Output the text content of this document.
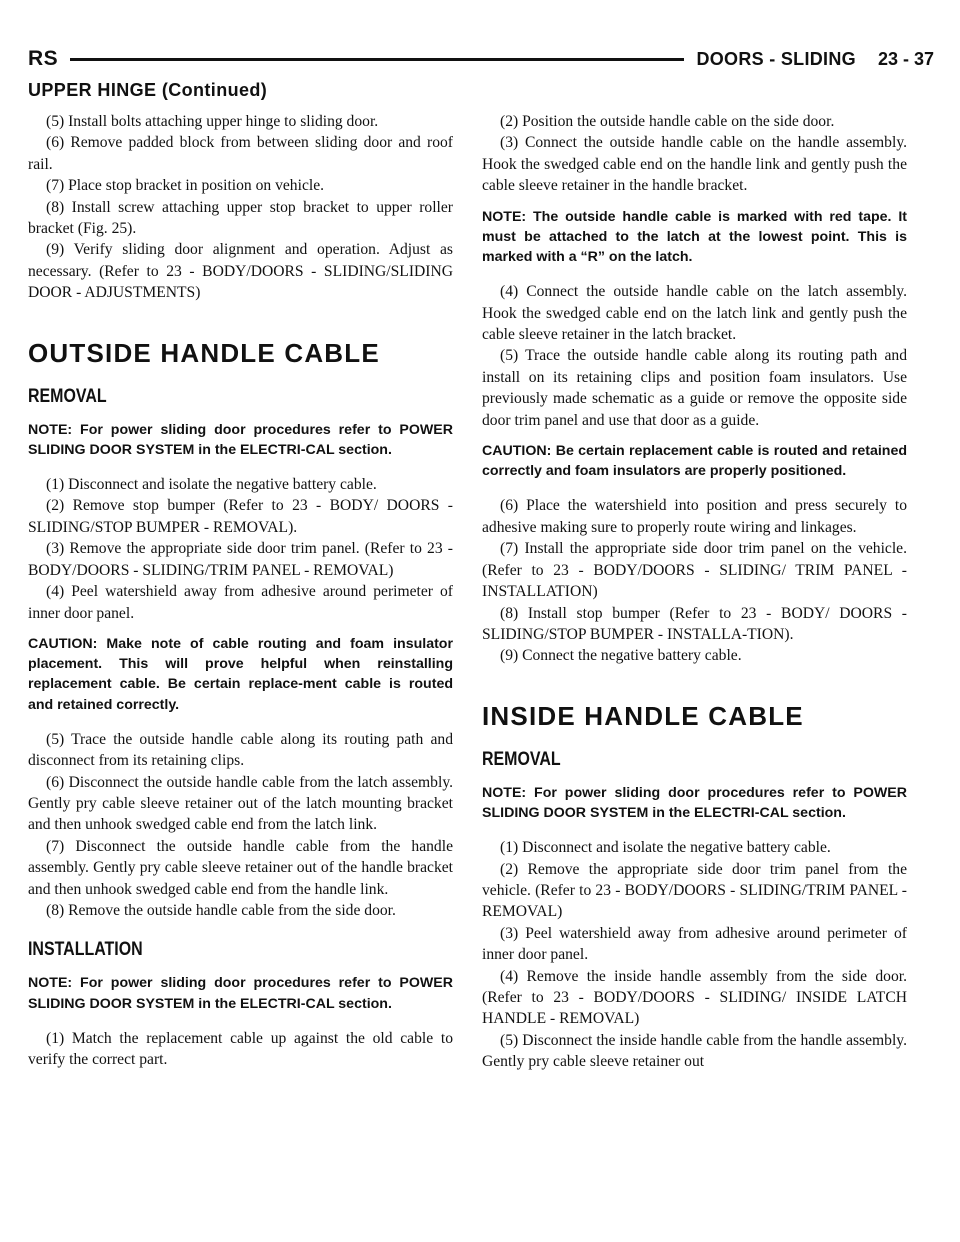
RS	DOORS - SLIDING 23 - 37
UPPER HINGE (Continued)

(5) Install bolts attaching upper hinge to sliding door.

(6) Remove padded block from between sliding door and roof rail.

(7) Place stop bracket in position on vehicle.

(8) Install screw attaching upper stop bracket to upper roller bracket (Fig. 25).

(9) Verify sliding door alignment and operation. Adjust as necessary. (Refer to 23 - BODY/DOORS - SLIDING/SLIDING DOOR - ADJUSTMENTS)

OUTSIDE HANDLE CABLE
REMOVAL

NOTE: For power sliding door procedures refer to POWER SLIDING DOOR SYSTEM in the ELECTRI-CAL section.

(1) Disconnect and isolate the negative battery cable.

(2) Remove stop bumper (Refer to 23 - BODY/ DOORS - SLIDING/STOP BUMPER - REMOVAL).

(3) Remove the appropriate side door trim panel. (Refer to 23 - BODY/DOORS - SLIDING/TRIM PANEL - REMOVAL)

(4) Peel watershield away from adhesive around perimeter of inner door panel.

CAUTION: Make note of cable routing and foam insulator placement. This will prove helpful when reinstalling replacement cable. Be certain replace-ment cable is routed and retained correctly.

(5) Trace the outside handle cable along its routing path and disconnect from its retaining clips.

(6) Disconnect the outside handle cable from the latch assembly. Gently pry cable sleeve retainer out of the latch mounting bracket and then unhook swedged cable end from the latch link.

(7) Disconnect the outside handle cable from the handle assembly. Gently pry cable sleeve retainer out of the handle bracket and then unhook swedged cable end from the handle link.

(8) Remove the outside handle cable from the side door.

INSTALLATION

NOTE: For power sliding door procedures refer to POWER SLIDING DOOR SYSTEM in the ELECTRI-CAL section.

(1) Match the replacement cable up against the old cable to verify the correct part.

(2) Position the outside handle cable on the side door.

(3) Connect the outside handle cable on the handle assembly. Hook the swedged cable end on the handle link and gently push the cable sleeve retainer in the handle bracket.

NOTE: The outside handle cable is marked with red tape. It must be attached to the latch at the lowest point. This is marked with a “R” on the latch.

(4) Connect the outside handle cable on the latch assembly. Hook the swedged cable end on the latch link and gently push the cable sleeve retainer in the latch bracket.

(5) Trace the outside handle cable along its routing path and install on its retaining clips and position foam insulators. Use previously made schematic as a guide or remove the opposite side door trim panel and use that door as a guide.

CAUTION: Be certain replacement cable is routed and retained correctly and foam insulators are properly positioned.

(6) Place the watershield into position and press securely to adhesive making sure to properly route wiring and linkages.

(7) Install the appropriate side door trim panel on the vehicle. (Refer to 23 - BODY/DOORS - SLIDING/ TRIM PANEL - INSTALLATION)

(8) Install stop bumper (Refer to 23 - BODY/ DOORS - SLIDING/STOP BUMPER - INSTALLA-TION).

(9) Connect the negative battery cable.

INSIDE HANDLE CABLE
REMOVAL

NOTE: For power sliding door procedures refer to POWER SLIDING DOOR SYSTEM in the ELECTRI-CAL section.

(1) Disconnect and isolate the negative battery cable.

(2) Remove the appropriate side door trim panel from the vehicle. (Refer to 23 - BODY/DOORS - SLIDING/TRIM PANEL - REMOVAL)

(3) Peel watershield away from adhesive around perimeter of inner door panel.

(4) Remove the inside handle assembly from the side door. (Refer to 23 - BODY/DOORS - SLIDING/ INSIDE LATCH HANDLE - REMOVAL)

(5) Disconnect the inside handle cable from the handle assembly. Gently pry cable sleeve retainer out
